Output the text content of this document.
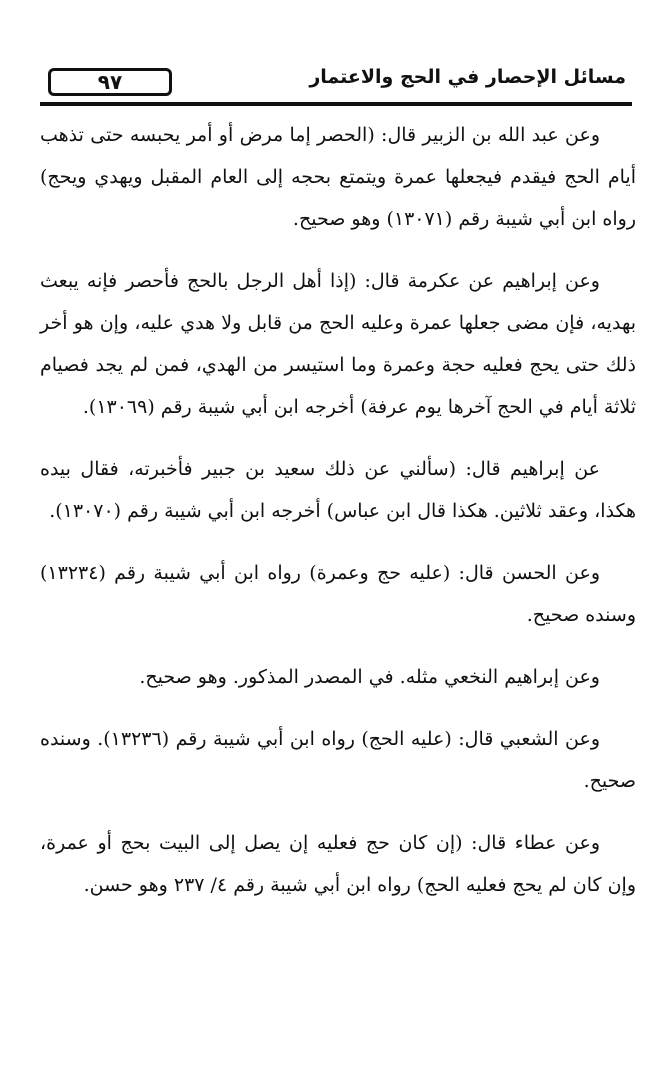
٩٧	مسائل الإحصار في الحج والاعتمار

وعن عبد الله بن الزبير قال: (الحصر إما مرض أو أمر يحبسه حتى تذهب أيام الحج فيقدم فيجعلها عمرة ويتمتع بحجه إلى العام المقبل ويهدي ويحج) رواه ابن أبي شيبة رقم (١٣٠٧١) وهو صحيح.

وعن إبراهيم عن عكرمة قال: (إذا أهل الرجل بالحج فأحصر فإنه يبعث بهديه، فإن مضى جعلها عمرة وعليه الحج من قابل ولا هدي عليه، وإن هو أخر ذلك حتى يحج فعليه حجة وعمرة وما استيسر من الهدي، فمن لم يجد فصيام ثلاثة أيام في الحج آخرها يوم عرفة) أخرجه ابن أبي شيبة رقم (١٣٠٦٩).

عن إبراهيم قال: (سألني عن ذلك سعيد بن جبير فأخبرته، فقال بيده هكذا، وعقد ثلاثين. هكذا قال ابن عباس) أخرجه ابن أبي شيبة رقم (١٣٠٧٠).

وعن الحسن قال: (عليه حج وعمرة) رواه ابن أبي شيبة رقم (١٣٢٣٤) وسنده صحيح.

وعن إبراهيم النخعي مثله. في المصدر المذكور. وهو صحيح.

وعن الشعبي قال: (عليه الحج) رواه ابن أبي شيبة رقم (١٣٢٣٦). وسنده صحيح.

وعن عطاء قال: (إن كان حج فعليه إن يصل إلى البيت بحج أو عمرة، وإن كان لم يحج فعليه الحج) رواه ابن أبي شيبة رقم ٤/ ٢٣٧ وهو حسن.
